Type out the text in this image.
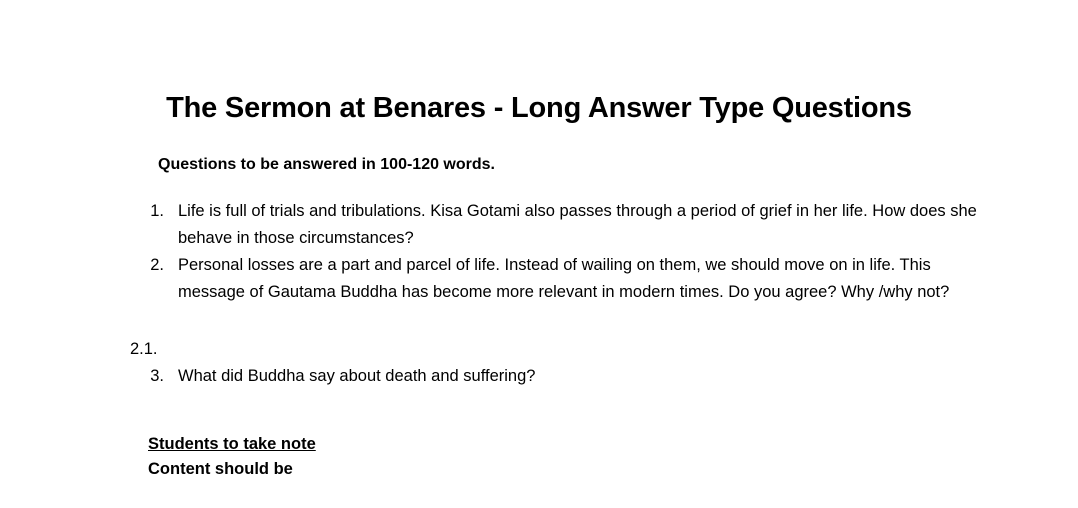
The Sermon at Benares - Long Answer Type Questions
Questions to be answered in 100-120 words.
1. Life is full of trials and tribulations. Kisa Gotami also passes through a period of grief in her life. How does she behave in those circumstances?
2. Personal losses are a part and parcel of life. Instead of wailing on them, we should move on in life. This message of Gautama Buddha has become more relevant in modern times. Do you agree? Why /why not?
2.1.
3. What did Buddha say about death and suffering?
Students to take note
Content should be
